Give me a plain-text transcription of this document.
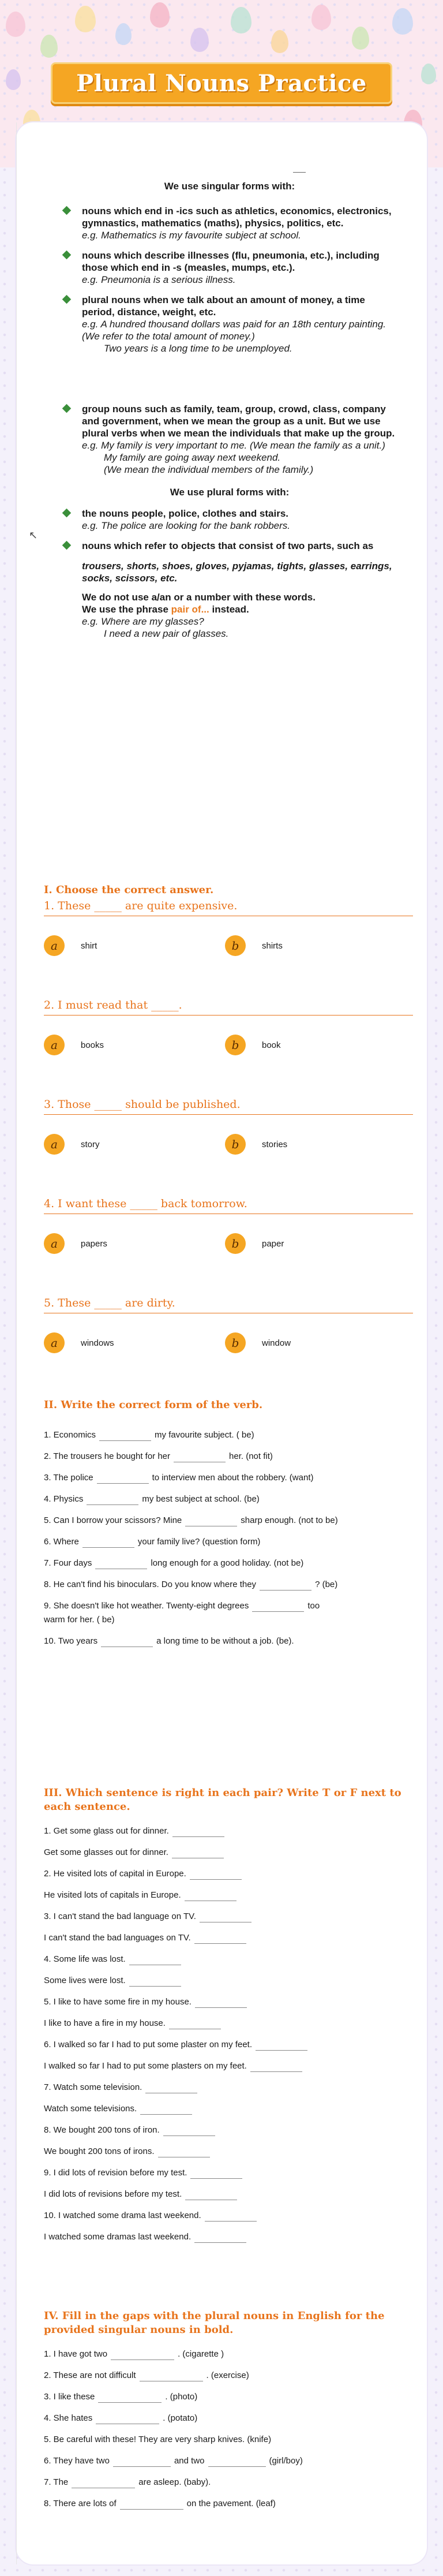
Plural Nouns Practice
We use singular forms with:
nouns which end in -ics such as athletics, economics, electronics, gymnastics, mathematics (maths), physics, politics, etc.
e.g. Mathematics is my favourite subject at school.
nouns which describe illnesses (flu, pneumonia, etc.), including those which end in -s (measles, mumps, etc.).
e.g. Pneumonia is a serious illness.
plural nouns when we talk about an amount of money, a time period, distance, weight, etc.
e.g. A hundred thousand dollars was paid for an 18th century painting. (We refer to the total amount of money.)
Two years is a long time to be unemployed.
group nouns such as family, team, group, crowd, class, company and government, when we mean the group as a unit. But we use plural verbs when we mean the individuals that make up the group.
e.g. My family is very important to me. (We mean the family as a unit.)
My family are going away next weekend.
(We mean the individual members of the family.)
We use plural forms with:
the nouns people, police, clothes and stairs.
e.g. The police are looking for the bank robbers.
nouns which refer to objects that consist of two parts, such as
trousers, shorts, shoes, gloves, pyjamas, tights, glasses, earrings, socks, scissors, etc.
We do not use a/an or a number with these words.
We use the phrase pair of... instead.
e.g. Where are my glasses?
I need a new pair of glasses.
↖
I. Choose the correct answer.
1. These _____ are quite expensive.
a	shirt	b	shirts
2. I must read that _____.
a	books	b	book
3. Those _____ should be published.
a	story	b	stories
4. I want these _____ back tomorrow.
a	papers	b	paper
5. These _____ are dirty.
a	windows	b	window
II. Write the correct form of the verb.
1. Economics	my favourite subject. ( be)
2. The trousers he bought for her	her. (not fit)
3. The police	to interview men about the robbery. (want)
4. Physics	my best subject at school. (be)
5. Can I borrow your scissors? Mine	sharp enough. (not to be)
6. Where	your family live? (question form)
7. Four days	long enough for a good holiday. (not be)
8. He can't find his binoculars. Do you know where they	? (be)
9. She doesn't like hot weather. Twenty-eight degrees	too
warm for her. ( be)
10. Two years	a long time to be without a job. (be).
III. Which sentence is right in each pair? Write T or F next to each sentence.
1. Get some glass out for dinner.
Get some glasses out for dinner.
2. He visited lots of capital in Europe.
He visited lots of capitals in Europe.
3. I can't stand the bad language on TV.
I can't stand the bad languages on TV.
4. Some life was lost.
Some lives were lost.
5. I like to have some fire in my house.
I like to have a fire in my house.
6. I walked so far I had to put some plaster on my feet.
I walked so far I had to put some plasters on my feet.
7. Watch some television.
Watch some televisions.
8. We bought 200 tons of iron.
We bought 200 tons of irons.
9. I did lots of revision before my test.
I did lots of revisions before my test.
10. I watched some drama last weekend.
I watched some dramas last weekend.
IV. Fill in the gaps with the plural nouns in English for the provided singular nouns in bold.
1. I have got two	. (cigarette )
2. These are not difficult	. (exercise)
3. I like these	. (photo)
4. She hates	. (potato)
5. Be careful with these! They are very sharp knives. (knife)
6. They have two	and two	(girl/boy)
7. The	are asleep. (baby).
8. There are lots of	on the pavement. (leaf)
